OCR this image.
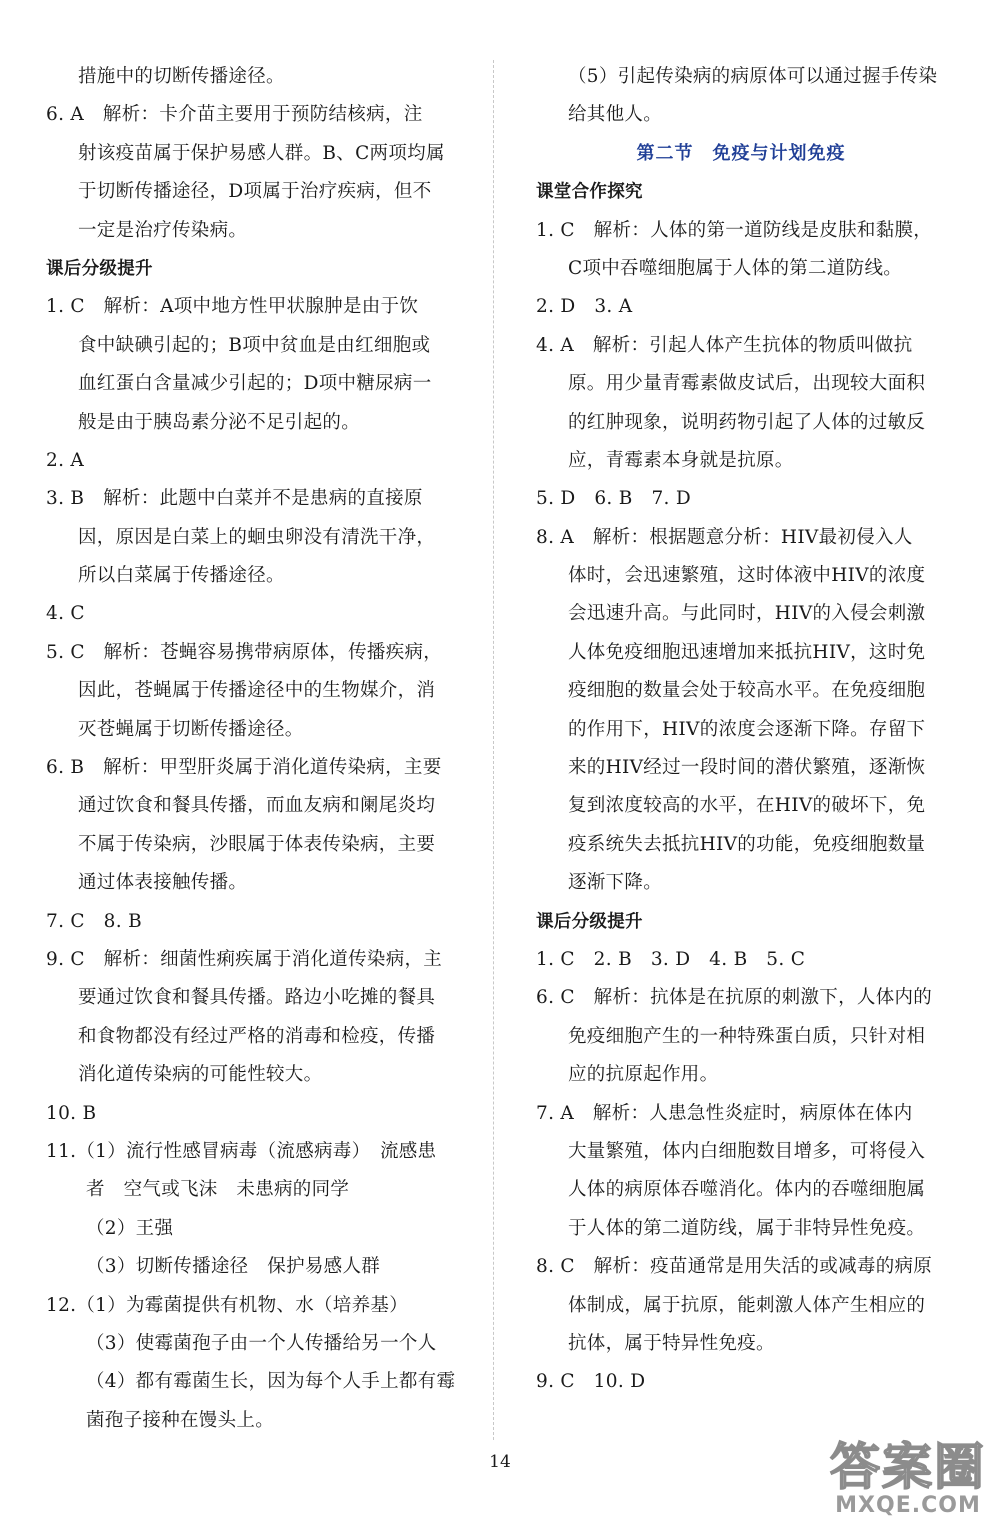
措施中的切断传播途径。
6. A　解析：卡介苗主要用于预防结核病，注
射该疫苗属于保护易感人群。B、C两项均属
于切断传播途径，D项属于治疗疾病，但不
一定是治疗传染病。
课后分级提升
1. C　解析：A项中地方性甲状腺肿是由于饮
食中缺碘引起的；B项中贫血是由红细胞或
血红蛋白含量减少引起的；D项中糖尿病一
般是由于胰岛素分泌不足引起的。
2. A
3. B　解析：此题中白菜并不是患病的直接原
因，原因是白菜上的蛔虫卵没有清洗干净，
所以白菜属于传播途径。
4. C
5. C　解析：苍蝇容易携带病原体，传播疾病，
因此，苍蝇属于传播途径中的生物媒介，消
灭苍蝇属于切断传播途径。
6. B　解析：甲型肝炎属于消化道传染病，主要
通过饮食和餐具传播，而血友病和阑尾炎均
不属于传染病，沙眼属于体表传染病，主要
通过体表接触传播。
7. C　8. B
9. C　解析：细菌性痢疾属于消化道传染病，主
要通过饮食和餐具传播。路边小吃摊的餐具
和食物都没有经过严格的消毒和检疫，传播
消化道传染病的可能性较大。
10. B
11.（1）流行性感冒病毒（流感病毒）　流感患
者　空气或飞沫　未患病的同学
（2）王强
（3）切断传播途径　保护易感人群
12.（1）为霉菌提供有机物、水（培养基）
（3）使霉菌孢子由一个人传播给另一个人
（4）都有霉菌生长，因为每个人手上都有霉
菌孢子接种在馒头上。
（5）引起传染病的病原体可以通过握手传染
给其他人。
第二节　免疫与计划免疫
课堂合作探究
1. C　解析：人体的第一道防线是皮肤和黏膜，
C项中吞噬细胞属于人体的第二道防线。
2. D　3. A
4. A　解析：引起人体产生抗体的物质叫做抗
原。用少量青霉素做皮试后，出现较大面积
的红肿现象，说明药物引起了人体的过敏反
应，青霉素本身就是抗原。
5. D　6. B　7. D
8. A　解析：根据题意分析：HIV最初侵入人
体时，会迅速繁殖，这时体液中HIV的浓度
会迅速升高。与此同时，HIV的入侵会刺激
人体免疫细胞迅速增加来抵抗HIV，这时免
疫细胞的数量会处于较高水平。在免疫细胞
的作用下，HIV的浓度会逐渐下降。存留下
来的HIV经过一段时间的潜伏繁殖，逐渐恢
复到浓度较高的水平，在HIV的破坏下，免
疫系统失去抵抗HIV的功能，免疫细胞数量
逐渐下降。
课后分级提升
1. C　2. B　3. D　4. B　5. C
6. C　解析：抗体是在抗原的刺激下，人体内的
免疫细胞产生的一种特殊蛋白质，只针对相
应的抗原起作用。
7. A　解析：人患急性炎症时，病原体在体内
大量繁殖，体内白细胞数目增多，可将侵入
人体的病原体吞噬消化。体内的吞噬细胞属
于人体的第二道防线，属于非特异性免疫。
8. C　解析：疫苗通常是用失活的或减毒的病原
体制成，属于抗原，能刺激人体产生相应的
抗体，属于特异性免疫。
9. C　10. D
14	答案圈
MXQE.COM
